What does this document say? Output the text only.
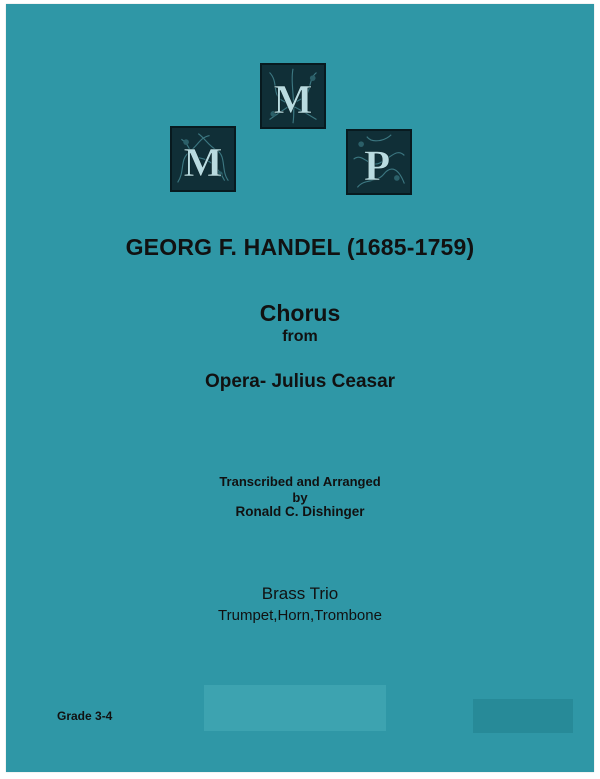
M
M
P

GEORG F. HANDEL (1685-1759)

Chorus

from

Opera- Julius Ceasar

Transcribed and Arranged

by

Ronald C. Dishinger

Brass Trio

Trumpet,Horn,Trombone

Grade 3-4
